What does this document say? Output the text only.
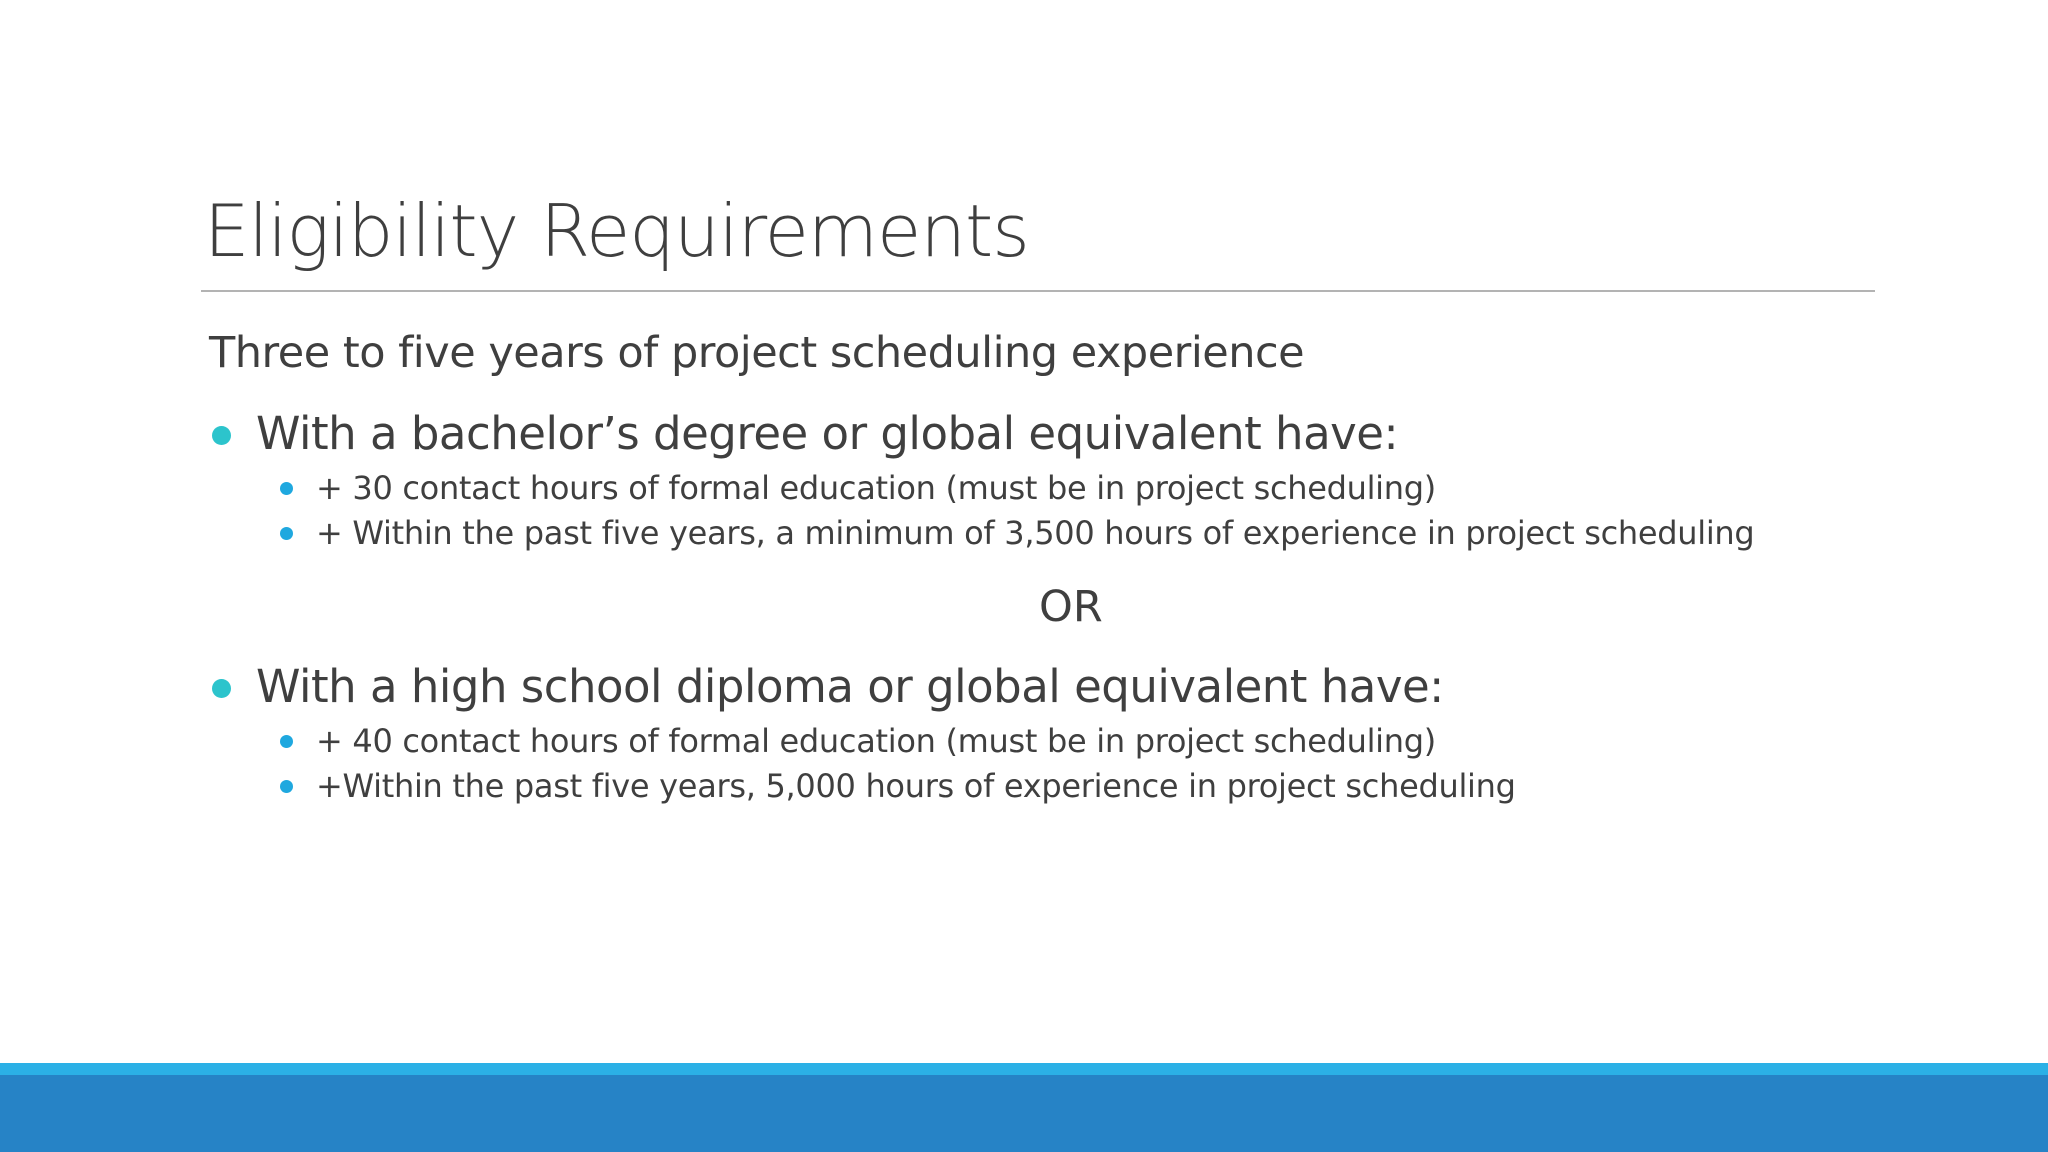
Eligibility Requirements
Three to five years of project scheduling experience
With a bachelor’s degree or global equivalent have:
+ 30 contact hours of formal education (must be in project scheduling)
+ Within the past five years, a minimum of 3,500 hours of experience in project scheduling
OR
With a high school diploma or global equivalent have:
+ 40 contact hours of formal education (must be in project scheduling)
+Within the past five years, 5,000 hours of experience in project scheduling
